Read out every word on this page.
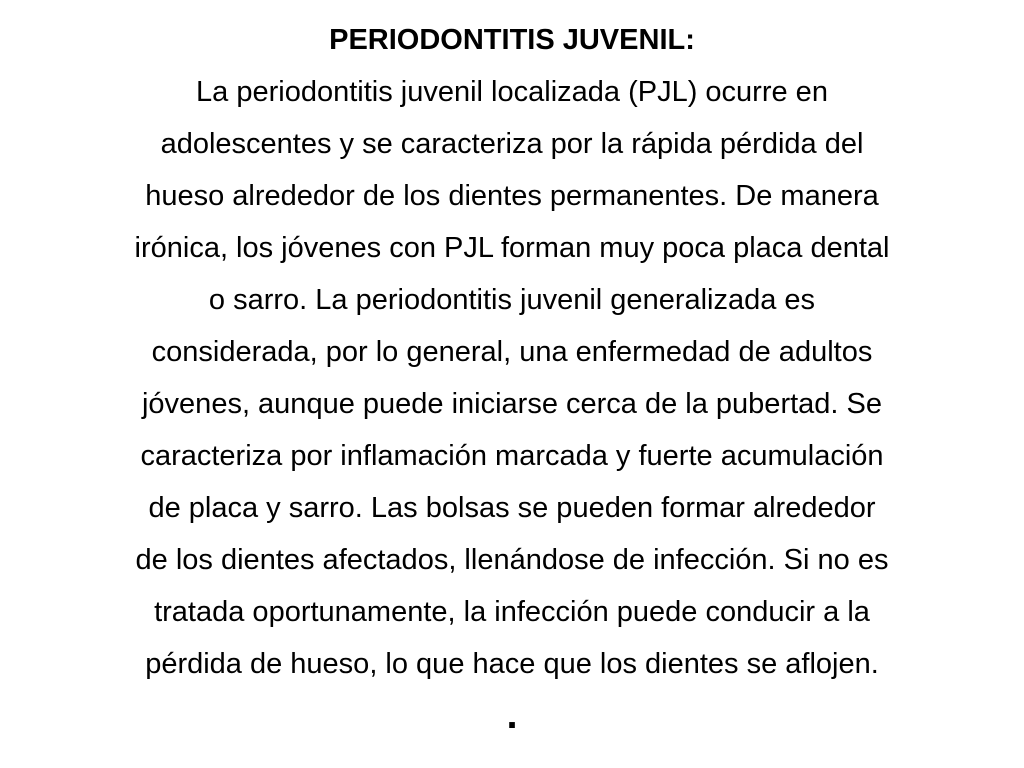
PERIODONTITIS JUVENIL:
La periodontitis juvenil localizada (PJL) ocurre en
adolescentes y se caracteriza por la rápida pérdida del
hueso alrededor de los dientes permanentes. De manera
irónica, los jóvenes con PJL forman muy poca placa dental
o sarro. La periodontitis juvenil generalizada es
considerada, por lo general, una enfermedad de adultos
jóvenes, aunque puede iniciarse cerca de la pubertad. Se
caracteriza por inflamación marcada y fuerte acumulación
de placa y sarro. Las bolsas se pueden formar alrededor
de los dientes afectados, llenándose de infección. Si no es
tratada oportunamente, la infección puede conducir a la
pérdida de hueso, lo que hace que los dientes se aflojen.
.
